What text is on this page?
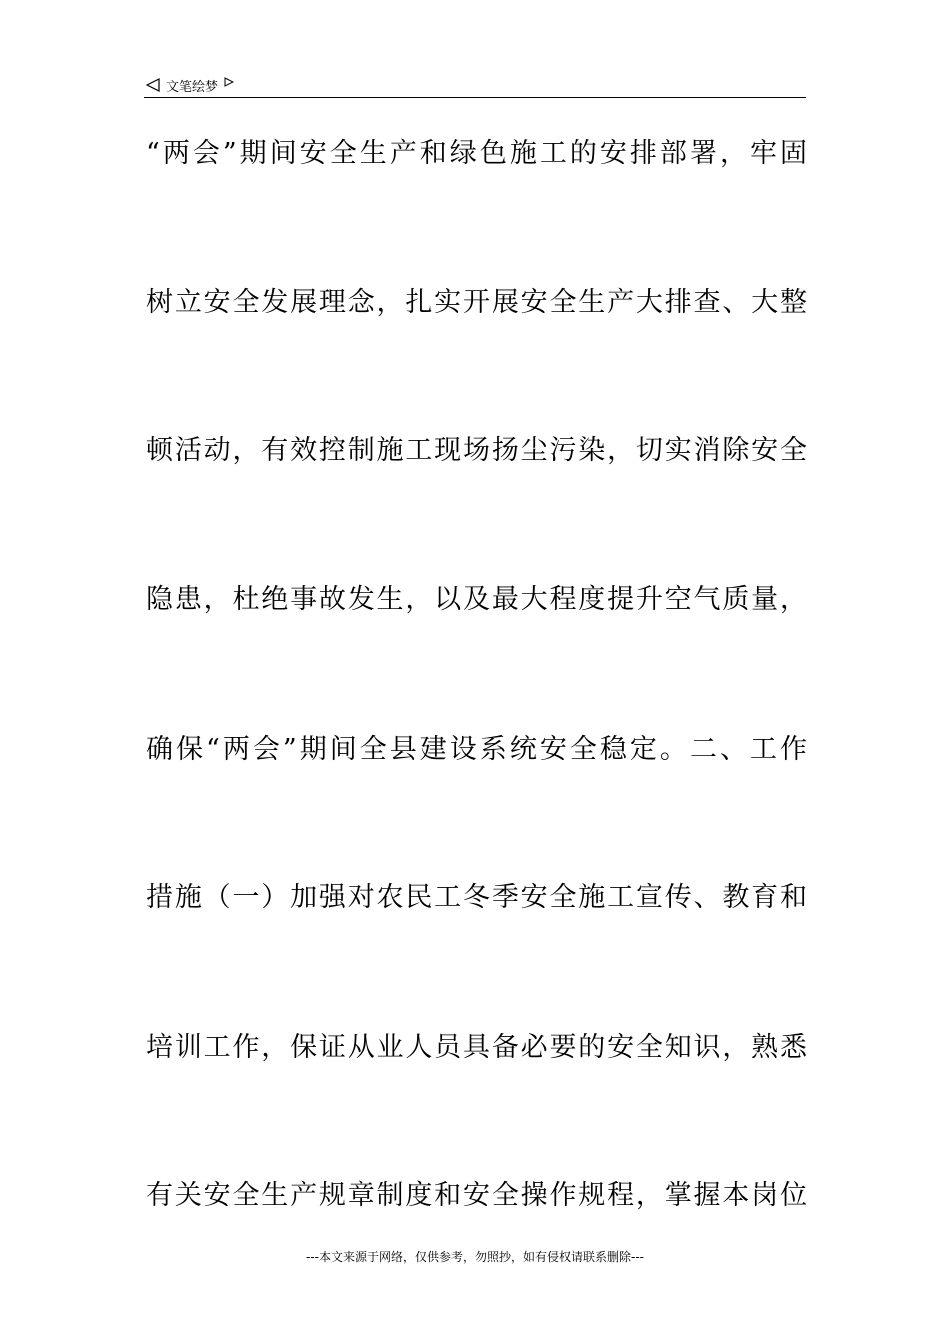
文笔绘梦
“两会”期间安全生产和绿色施工的安排部署，牢固
树立安全发展理念，扎实开展安全生产大排查、大整
顿活动，有效控制施工现场扬尘污染，切实消除安全
隐患，杜绝事故发生，以及最大程度提升空气质量，
确保“两会”期间全县建设系统安全稳定。二、工作
措施（一）加强对农民工冬季安全施工宣传、教育和
培训工作，保证从业人员具备必要的安全知识，熟悉
有关安全生产规章制度和安全操作规程，掌握本岗位
---本文来源于网络，仅供参考，勿照抄，如有侵权请联系删除---
